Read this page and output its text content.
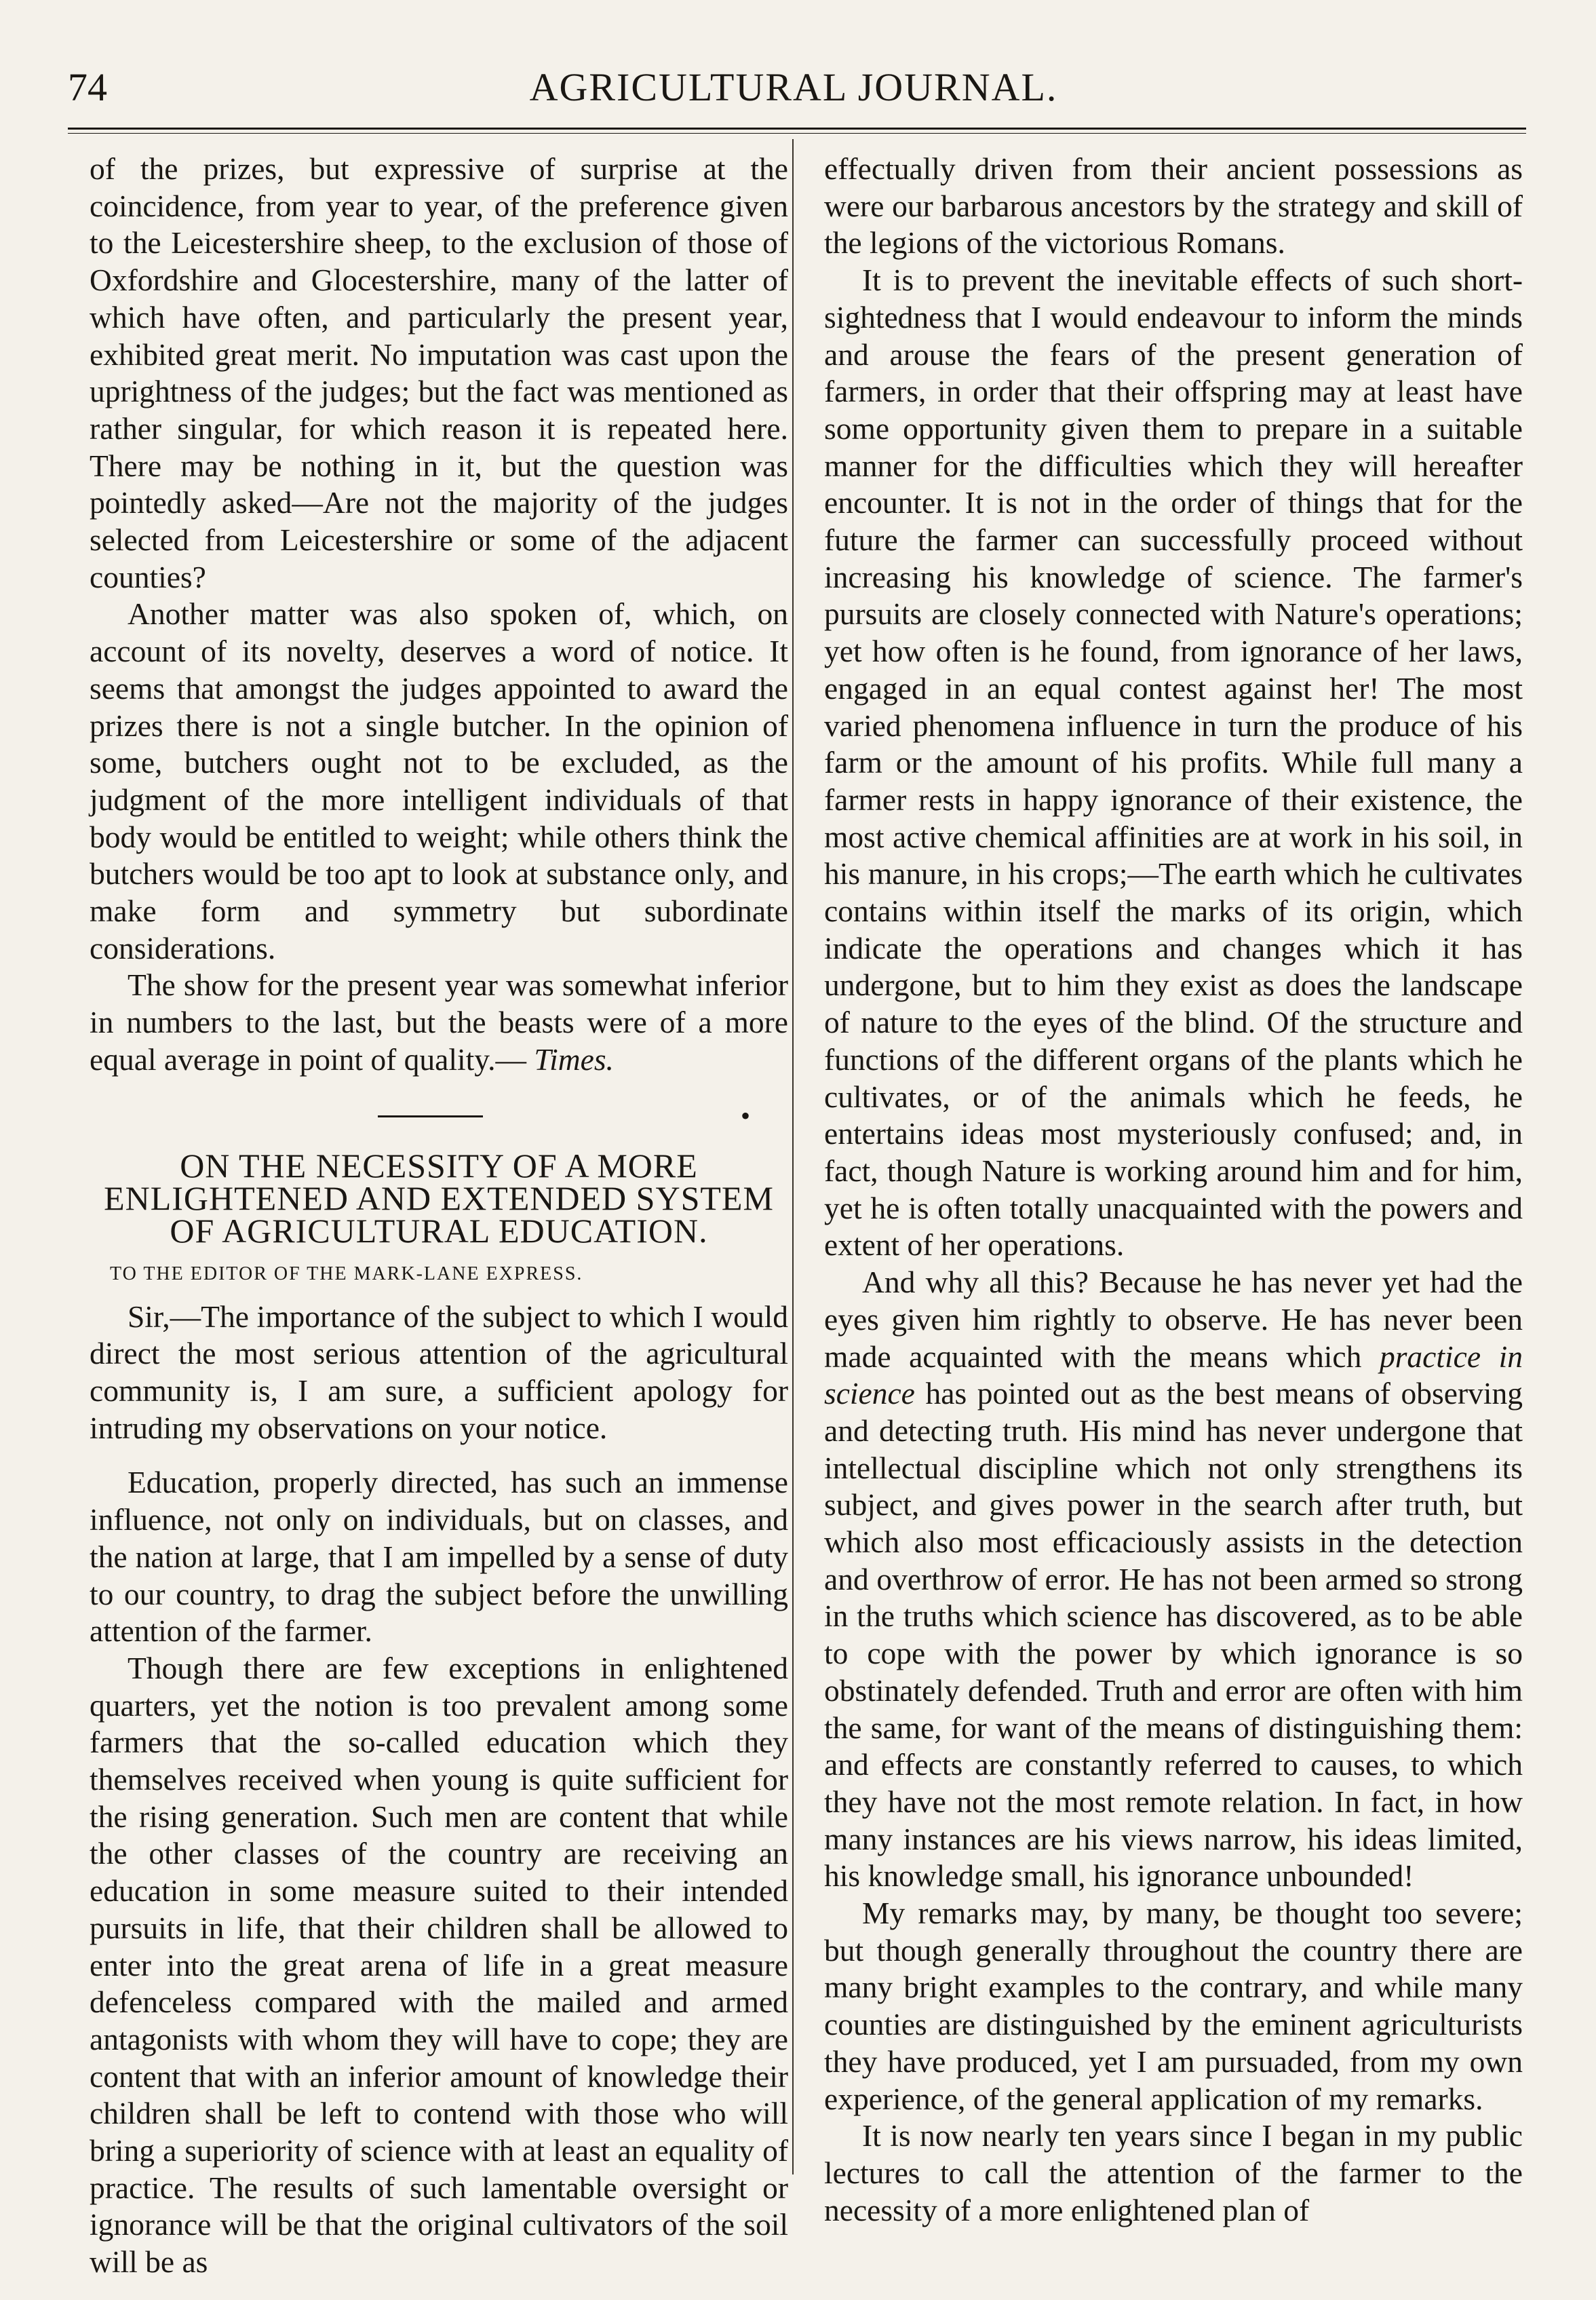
74	AGRICULTURAL JOURNAL.

of the prizes, but expressive of surprise at the coincidence, from year to year, of the preference given to the Leicestershire sheep, to the exclusion of those of Oxfordshire and Glocestershire, many of the latter of which have often, and particularly the present year, exhibited great merit. No imputation was cast upon the uprightness of the judges; but the fact was mentioned as rather singular, for which reason it is repeated here. There may be nothing in it, but the question was pointedly asked—Are not the majority of the judges selected from Leicestershire or some of the adjacent counties?

Another matter was also spoken of, which, on account of its novelty, deserves a word of notice. It seems that amongst the judges appointed to award the prizes there is not a single butcher. In the opinion of some, butchers ought not to be excluded, as the judgment of the more intelligent individuals of that body would be entitled to weight; while others think the butchers would be too apt to look at substance only, and make form and symmetry but subordinate considerations.

The show for the present year was somewhat inferior in numbers to the last, but the beasts were of a more equal average in point of quality.— Times.

•
ON THE NECESSITY OF A MORE ENLIGHTENED AND EXTENDED SYSTEM OF AGRICULTURAL EDUCATION.
TO THE EDITOR OF THE MARK-LANE EXPRESS.

Sir,—The importance of the subject to which I would direct the most serious attention of the agricultural community is, I am sure, a sufficient apology for intruding my observations on your notice.

Education, properly directed, has such an immense influence, not only on individuals, but on classes, and the nation at large, that I am impelled by a sense of duty to our country, to drag the subject before the unwilling attention of the farmer.

Though there are few exceptions in enlightened quarters, yet the notion is too prevalent among some farmers that the so-called education which they themselves received when young is quite sufficient for the rising generation. Such men are content that while the other classes of the country are receiving an education in some measure suited to their intended pursuits in life, that their children shall be allowed to enter into the great arena of life in a great measure defenceless compared with the mailed and armed antagonists with whom they will have to cope; they are content that with an inferior amount of knowledge their children shall be left to contend with those who will bring a superiority of science with at least an equality of practice. The results of such lamentable oversight or ignorance will be that the original cultivators of the soil will be as

effectually driven from their ancient possessions as were our barbarous ancestors by the strategy and skill of the legions of the victorious Romans.

It is to prevent the inevitable effects of such short-sightedness that I would endeavour to inform the minds and arouse the fears of the present generation of farmers, in order that their offspring may at least have some opportunity given them to prepare in a suitable manner for the difficulties which they will hereafter encounter. It is not in the order of things that for the future the farmer can successfully proceed without increasing his knowledge of science. The farmer's pursuits are closely connected with Nature's operations; yet how often is he found, from ignorance of her laws, engaged in an equal contest against her! The most varied phenomena influence in turn the produce of his farm or the amount of his profits. While full many a farmer rests in happy ignorance of their existence, the most active chemical affinities are at work in his soil, in his manure, in his crops;—The earth which he cultivates contains within itself the marks of its origin, which indicate the operations and changes which it has undergone, but to him they exist as does the landscape of nature to the eyes of the blind. Of the structure and functions of the different organs of the plants which he cultivates, or of the animals which he feeds, he entertains ideas most mysteriously confused; and, in fact, though Nature is working around him and for him, yet he is often totally unacquainted with the powers and extent of her operations.

And why all this? Because he has never yet had the eyes given him rightly to observe. He has never been made acquainted with the means which practice in science has pointed out as the best means of observing and detecting truth. His mind has never undergone that intellectual discipline which not only strengthens its subject, and gives power in the search after truth, but which also most efficaciously assists in the detection and overthrow of error. He has not been armed so strong in the truths which science has discovered, as to be able to cope with the power by which ignorance is so obstinately defended. Truth and error are often with him the same, for want of the means of distinguishing them: and effects are constantly referred to causes, to which they have not the most remote relation. In fact, in how many instances are his views narrow, his ideas limited, his knowledge small, his ignorance unbounded!

My remarks may, by many, be thought too severe; but though generally throughout the country there are many bright examples to the contrary, and while many counties are distinguished by the eminent agriculturists they have produced, yet I am pursuaded, from my own experience, of the general application of my remarks.

It is now nearly ten years since I began in my public lectures to call the attention of the farmer to the necessity of a more enlightened plan of
